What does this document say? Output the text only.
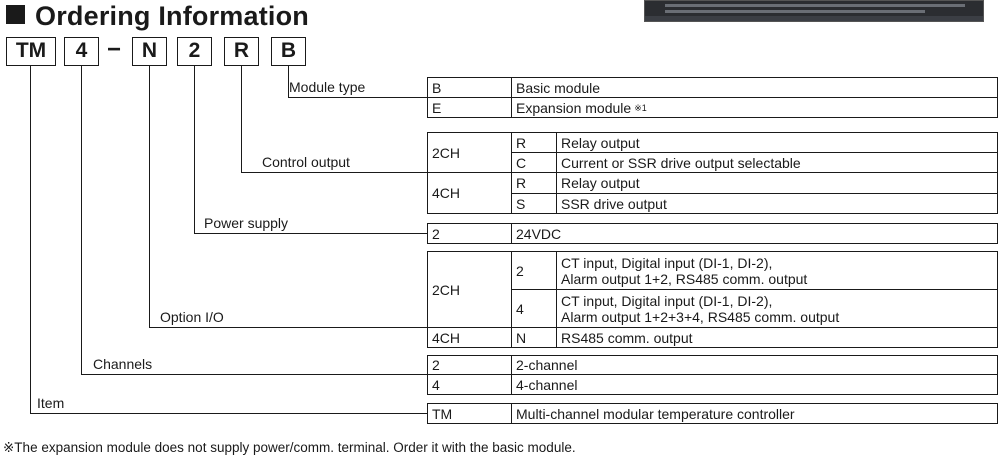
Ordering Information
TM	4 − N	2	R	B
Module type
Control output
Power supply
Option I/O
Channels
Item
B	Basic module
E	Expansion module ※1
2CH
R	Relay output
C	Current or SSR drive output selectable
4CH
R	Relay output
S	SSR drive output
2	24VDC
2CH
2	CT input, Digital input (DI-1, DI-2),
Alarm output 1+2, RS485 comm. output
4	CT input, Digital input (DI-1, DI-2),
Alarm output 1+2+3+4, RS485 comm. output
4CH	N	RS485 comm. output
2	2-channel
4	4-channel
TM	Multi-channel modular temperature controller
※The expansion module does not supply power/comm. terminal. Order it with the basic module.
